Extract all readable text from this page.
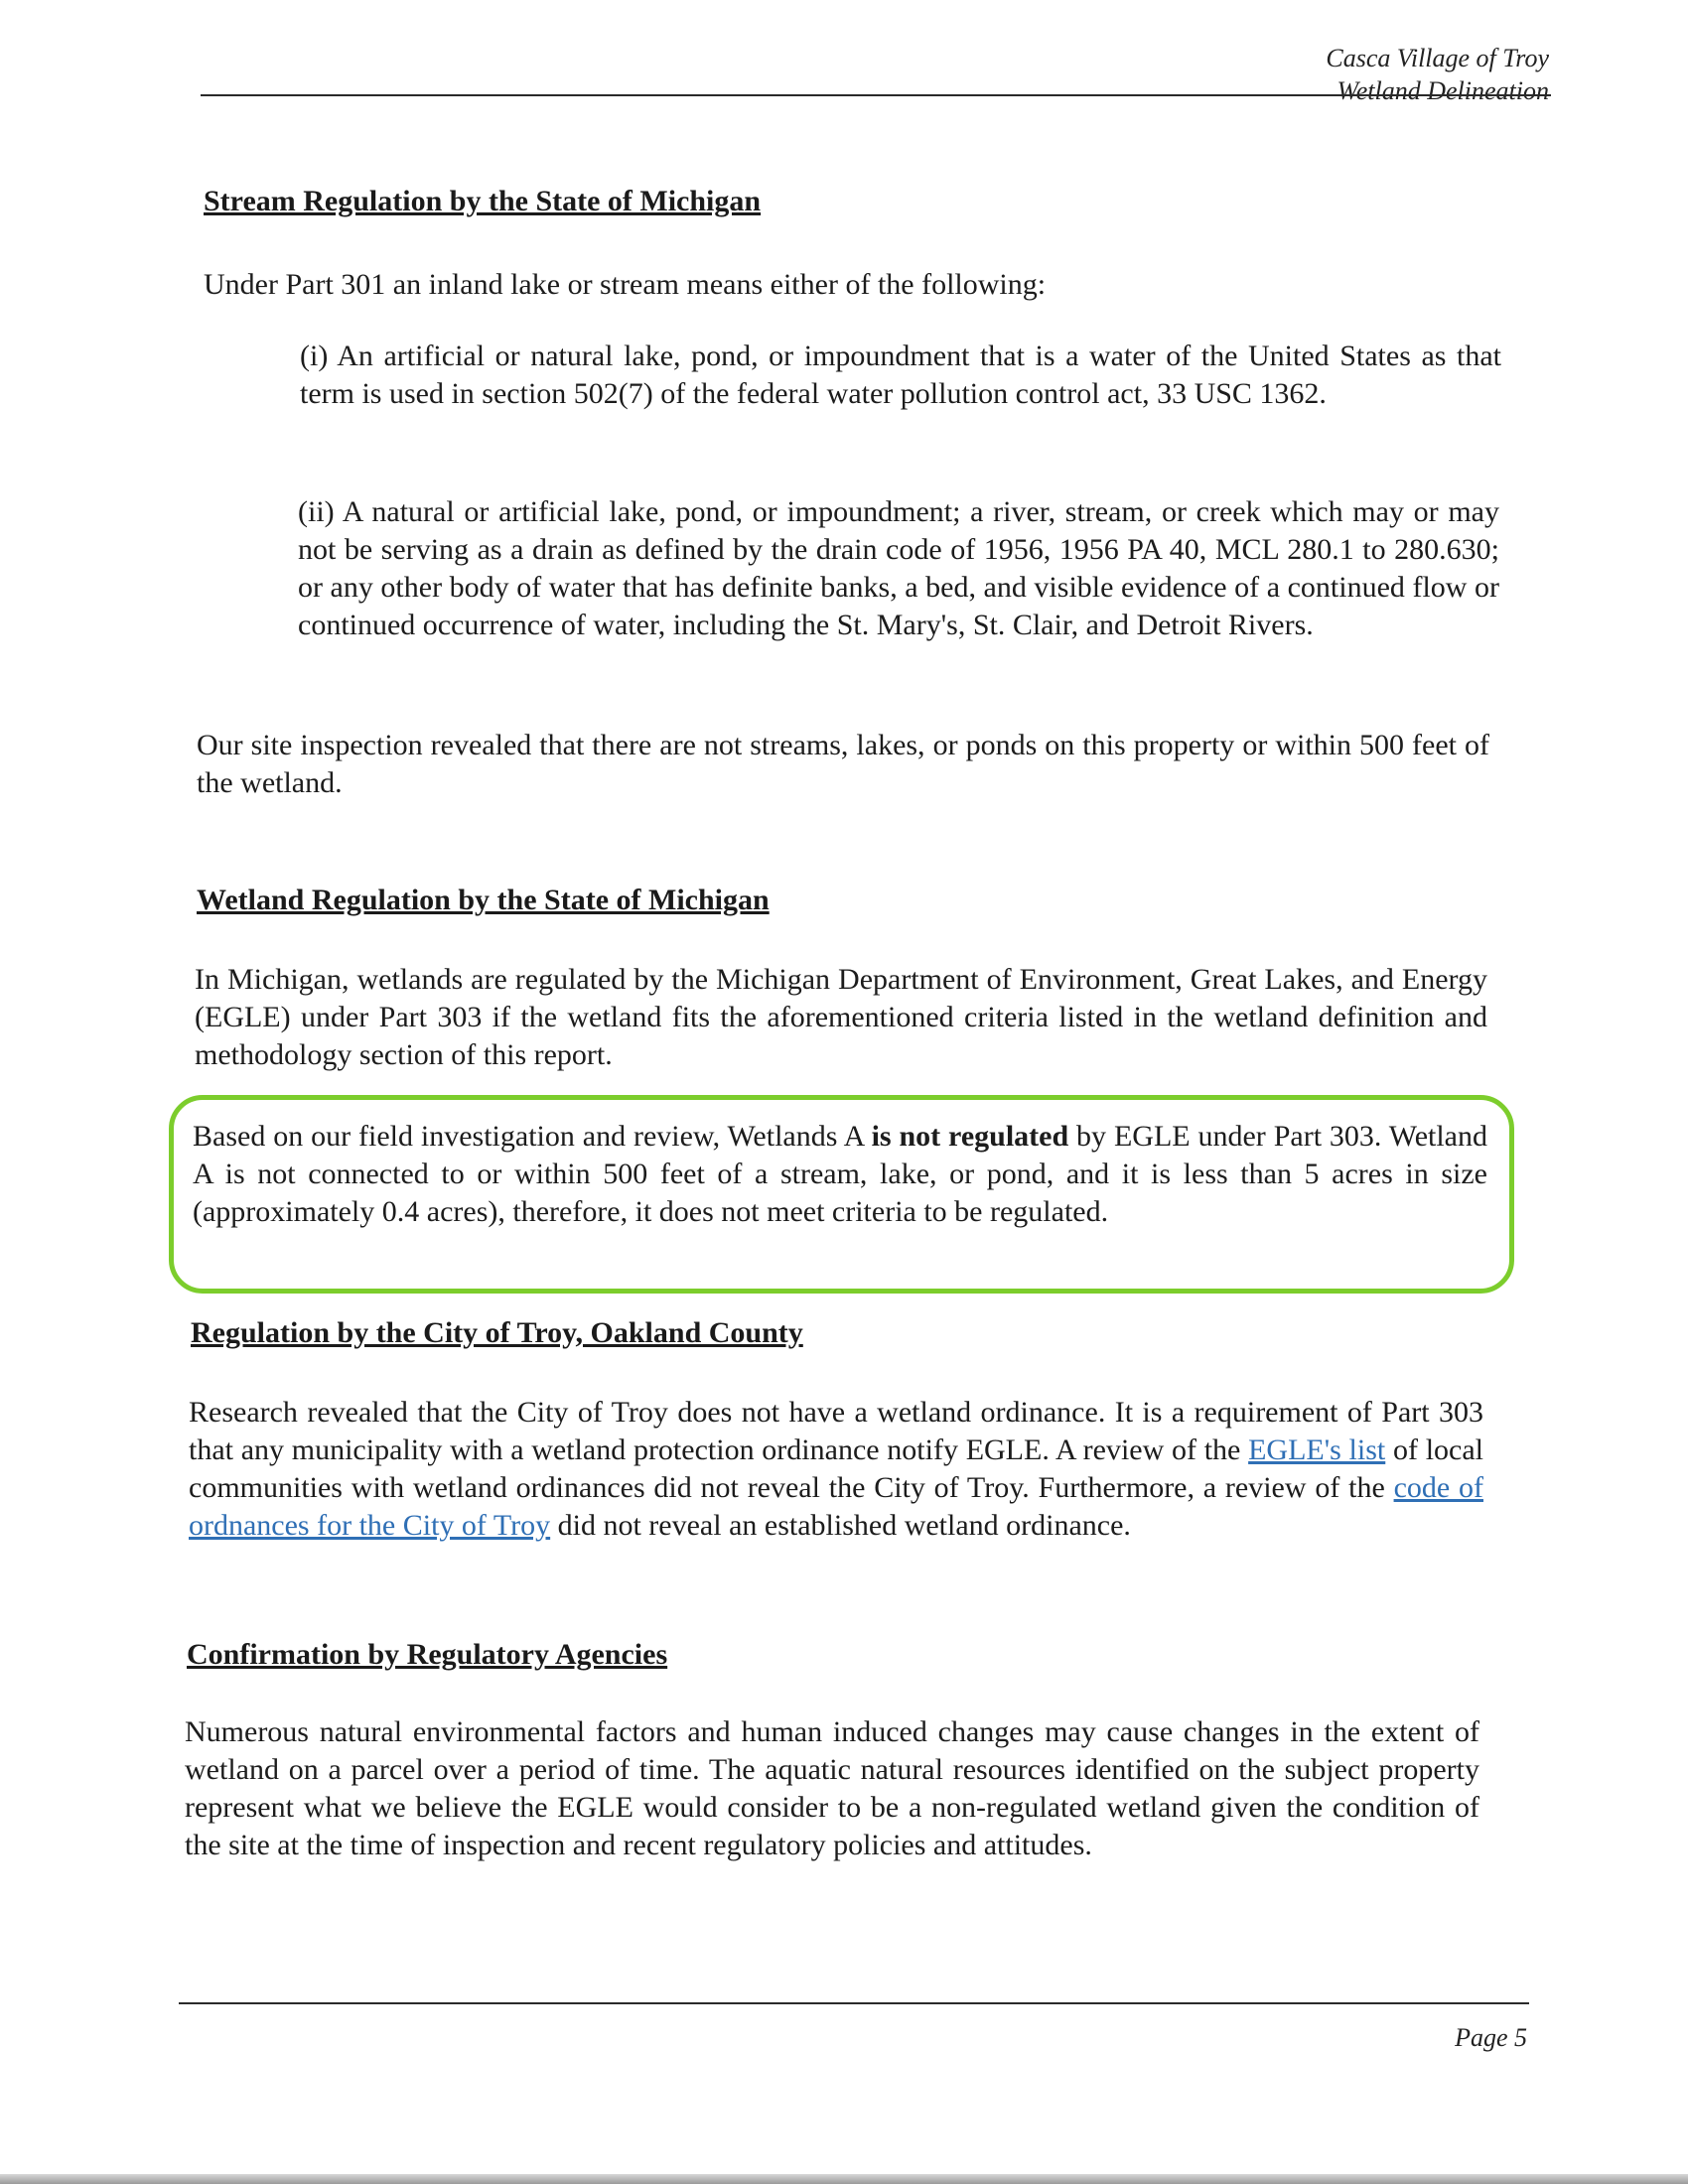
Casca Village of Troy
Wetland Delineation
Stream Regulation by the State of Michigan

Under Part 301 an inland lake or stream means either of the following:

(i) An artificial or natural lake, pond, or impoundment that is a water of the United States as that term is used in section 502(7) of the federal water pollution control act, 33 USC 1362.

(ii) A natural or artificial lake, pond, or impoundment; a river, stream, or creek which may or may not be serving as a drain as defined by the drain code of 1956, 1956 PA 40, MCL 280.1 to 280.630; or any other body of water that has definite banks, a bed, and visible evidence of a continued flow or continued occurrence of water, including the St. Mary's, St. Clair, and Detroit Rivers.

Our site inspection revealed that there are not streams, lakes, or ponds on this property or within 500 feet of the wetland.

Wetland Regulation by the State of Michigan

In Michigan, wetlands are regulated by the Michigan Department of Environment, Great Lakes, and Energy (EGLE) under Part 303 if the wetland fits the aforementioned criteria listed in the wetland definition and methodology section of this report.

Based on our field investigation and review, Wetlands A is not regulated by EGLE under Part 303. Wetland A is not connected to or within 500 feet of a stream, lake, or pond, and it is less than 5 acres in size (approximately 0.4 acres), therefore, it does not meet criteria to be regulated.

Regulation by the City of Troy, Oakland County

Research revealed that the City of Troy does not have a wetland ordinance. It is a requirement of Part 303 that any municipality with a wetland protection ordinance notify EGLE. A review of the EGLE's list of local communities with wetland ordinances did not reveal the City of Troy. Furthermore, a review of the code of ordnances for the City of Troy did not reveal an established wetland ordinance.

Confirmation by Regulatory Agencies

Numerous natural environmental factors and human induced changes may cause changes in the extent of wetland on a parcel over a period of time. The aquatic natural resources identified on the subject property represent what we believe the EGLE would consider to be a non-regulated wetland given the condition of the site at the time of inspection and recent regulatory policies and attitudes.

Page 5
